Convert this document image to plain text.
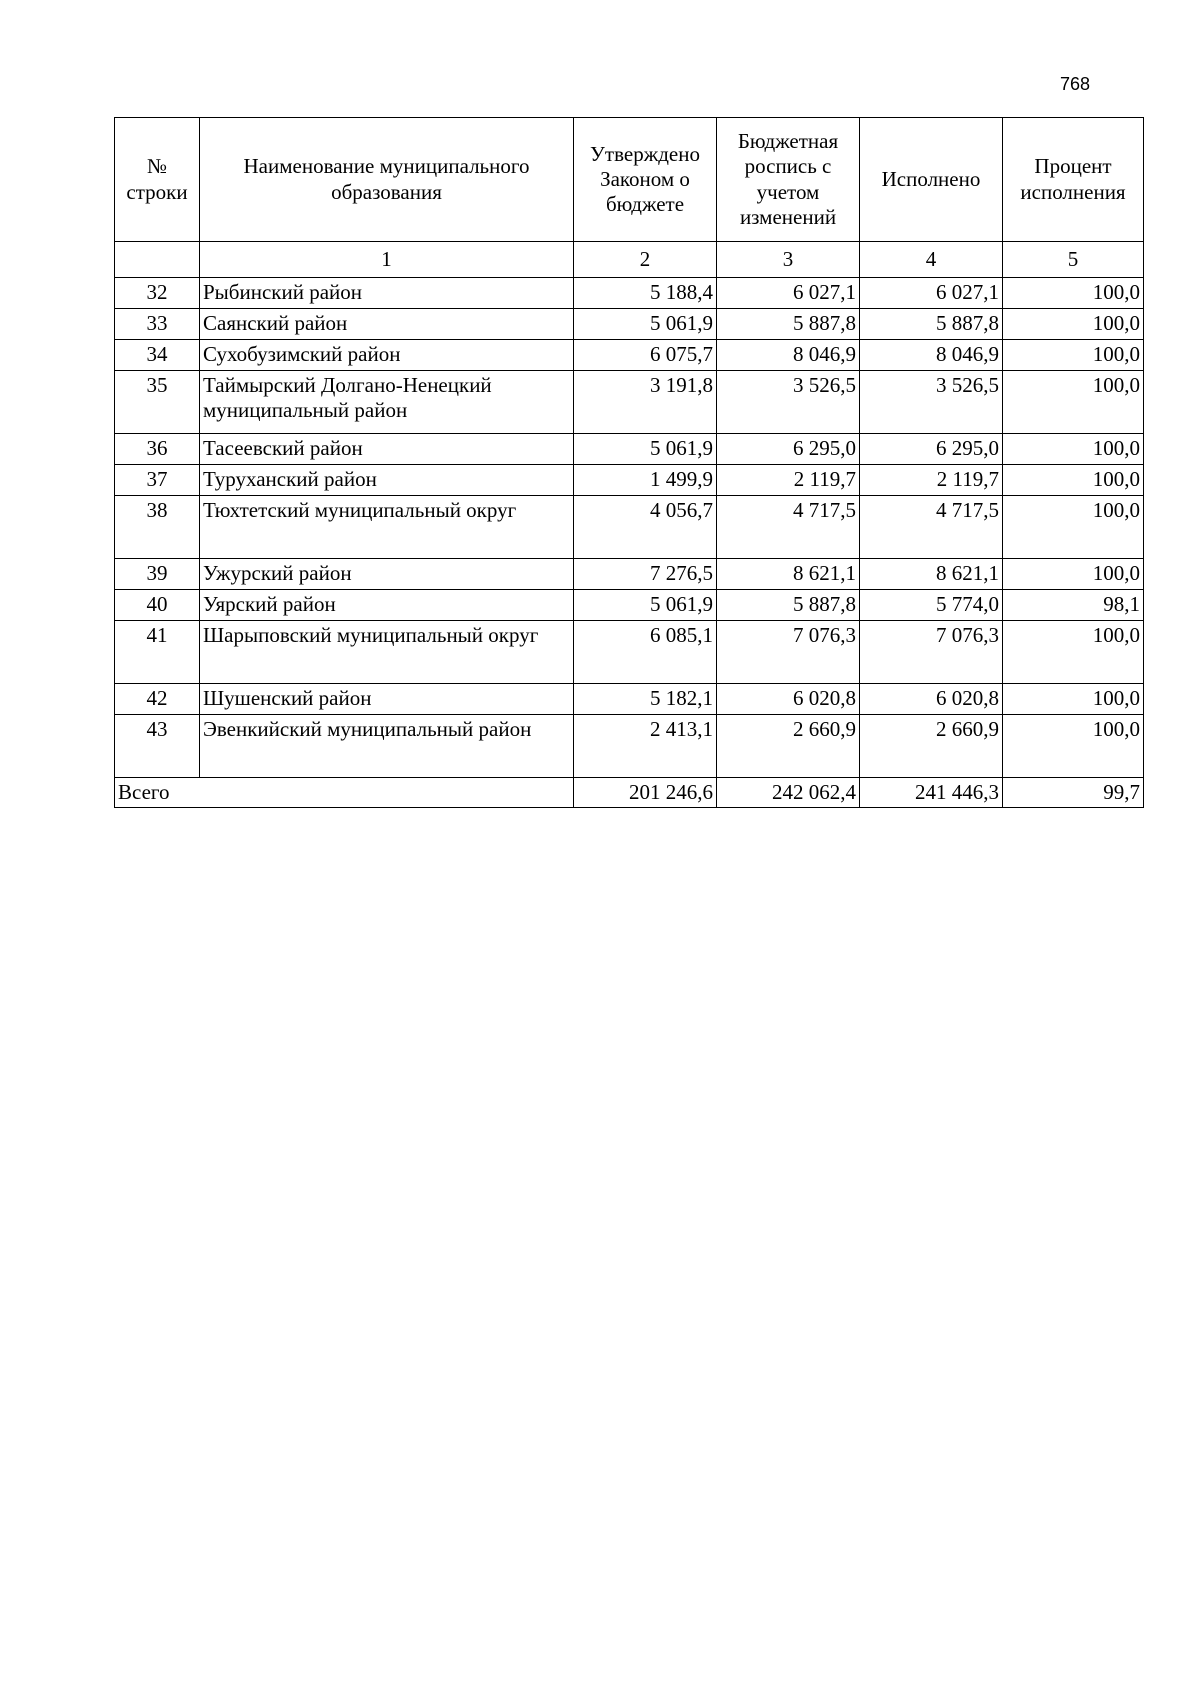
768
№ строки	Наименование муниципального образования	Утверждено Законом о бюджете	Бюджетная роспись с учетом изменений	Исполнено	Процент исполнения
	1	2	3	4	5
32	Рыбинский район	5 188,4	6 027,1	6 027,1	100,0
33	Саянский район	5 061,9	5 887,8	5 887,8	100,0
34	Сухобузимский район	6 075,7	8 046,9	8 046,9	100,0
35	Таймырский Долгано-Ненецкий муниципальный район	3 191,8	3 526,5	3 526,5	100,0
36	Тасеевский район	5 061,9	6 295,0	6 295,0	100,0
37	Туруханский район	1 499,9	2 119,7	2 119,7	100,0
38	Тюхтетский муниципальный округ	4 056,7	4 717,5	4 717,5	100,0
39	Ужурский район	7 276,5	8 621,1	8 621,1	100,0
40	Уярский район	5 061,9	5 887,8	5 774,0	98,1
41	Шарыповский муниципальный округ	6 085,1	7 076,3	7 076,3	100,0
42	Шушенский район	5 182,1	6 020,8	6 020,8	100,0
43	Эвенкийский муниципальный район	2 413,1	2 660,9	2 660,9	100,0
Всего		201 246,6	242 062,4	241 446,3	99,7
